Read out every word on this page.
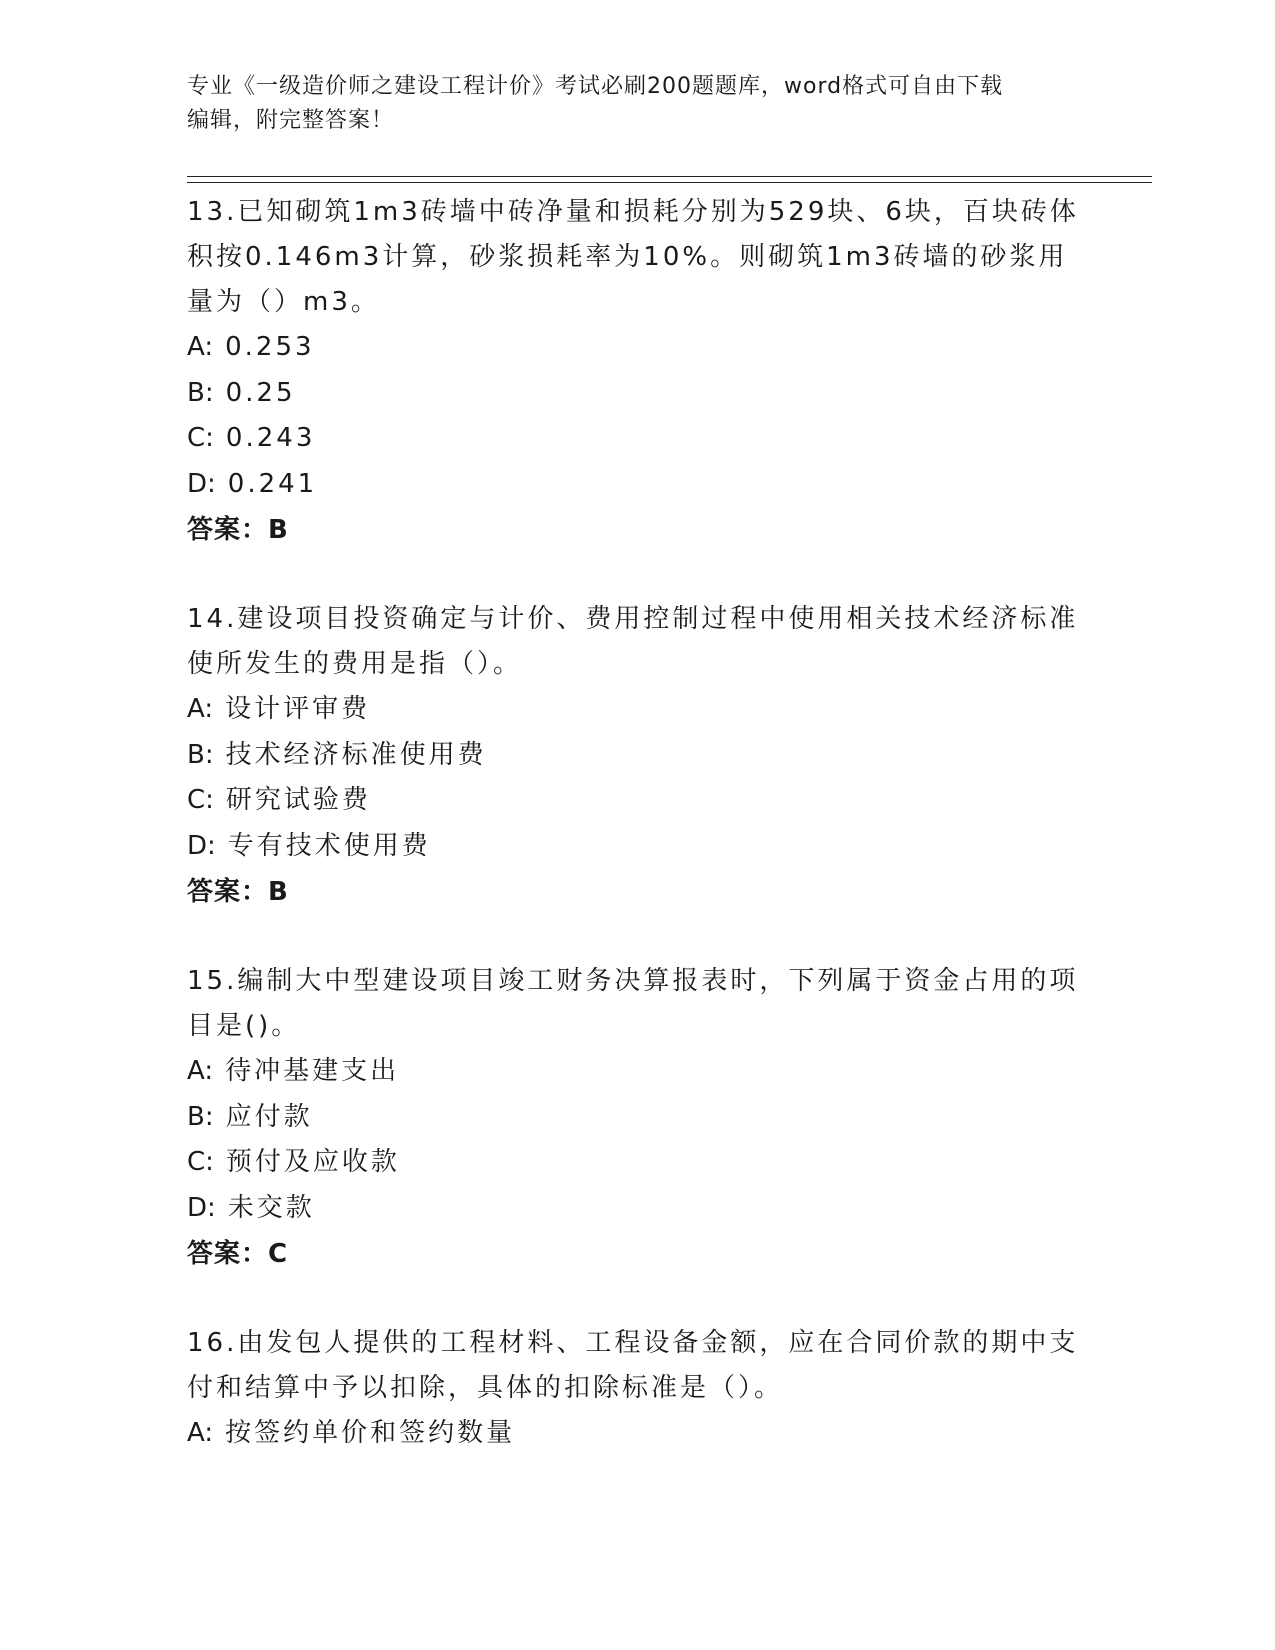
专业《一级造价师之建设工程计价》考试必刷200题题库，word格式可自由下载
编辑，附完整答案！

13.已知砌筑1m3砖墙中砖净量和损耗分别为529块、6块，百块砖体积按0.146m3计算，砂浆损耗率为10%。则砌筑1m3砖墙的砂浆用量为（）m3。

A: 0.253

B: 0.25

C: 0.243

D: 0.241

答案：B

14.建设项目投资确定与计价、费用控制过程中使用相关技术经济标准使所发生的费用是指（）。

A: 设计评审费

B: 技术经济标准使用费

C: 研究试验费

D: 专有技术使用费

答案：B

15.编制大中型建设项目竣工财务决算报表时，下列属于资金占用的项目是()。

A: 待冲基建支出

B: 应付款

C: 预付及应收款

D: 未交款

答案：C

16.由发包人提供的工程材料、工程设备金额，应在合同价款的期中支付和结算中予以扣除，具体的扣除标准是（）。

A: 按签约单价和签约数量
